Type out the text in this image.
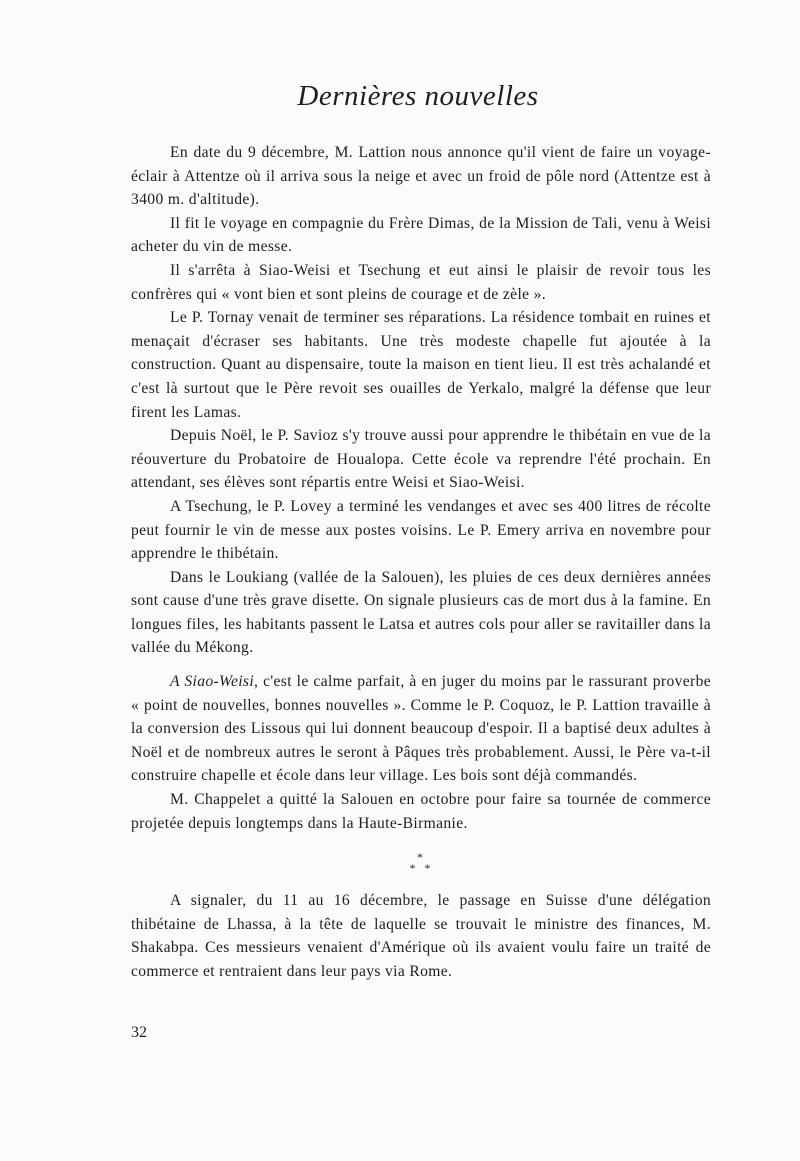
Dernières nouvelles

En date du 9 décembre, M. Lattion nous annonce qu'il vient de faire un voyage-éclair à Attentze où il arriva sous la neige et avec un froid de pôle nord (Attentze est à 3400 m. d'altitude).

Il fit le voyage en compagnie du Frère Dimas, de la Mission de Tali, venu à Weisi acheter du vin de messe.

Il s'arrêta à Siao-Weisi et Tsechung et eut ainsi le plaisir de revoir tous les confrères qui « vont bien et sont pleins de courage et de zèle ».

Le P. Tornay venait de terminer ses réparations. La résidence tombait en ruines et menaçait d'écraser ses habitants. Une très modeste chapelle fut ajoutée à la construction. Quant au dispensaire, toute la maison en tient lieu. Il est très achalandé et c'est là surtout que le Père revoit ses ouailles de Yerkalo, malgré la défense que leur firent les Lamas.

Depuis Noël, le P. Savioz s'y trouve aussi pour apprendre le thibétain en vue de la réouverture du Probatoire de Houalopa. Cette école va reprendre l'été prochain. En attendant, ses élèves sont répartis entre Weisi et Siao-Weisi.

A Tsechung, le P. Lovey a terminé les vendanges et avec ses 400 litres de récolte peut fournir le vin de messe aux postes voisins. Le P. Emery arriva en novembre pour apprendre le thibétain.

Dans le Loukiang (vallée de la Salouen), les pluies de ces deux dernières années sont cause d'une très grave disette. On signale plusieurs cas de mort dus à la famine. En longues files, les habitants passent le Latsa et autres cols pour aller se ravitailler dans la vallée du Mékong.

A Siao-Weisi, c'est le calme parfait, à en juger du moins par le rassurant proverbe « point de nouvelles, bonnes nouvelles ». Comme le P. Coquoz, le P. Lattion travaille à la conversion des Lissous qui lui donnent beaucoup d'espoir. Il a baptisé deux adultes à Noël et de nombreux autres le seront à Pâques très probablement. Aussi, le Père va-t-il construire chapelle et école dans leur village. Les bois sont déjà commandés.

M. Chappelet a quitté la Salouen en octobre pour faire sa tournée de commerce projetée depuis longtemps dans la Haute-Birmanie.

*
*   *

A signaler, du 11 au 16 décembre, le passage en Suisse d'une délégation thibétaine de Lhassa, à la tête de laquelle se trouvait le ministre des finances, M. Shakabpa. Ces messieurs venaient d'Amérique où ils avaient voulu faire un traité de commerce et rentraient dans leur pays via Rome.

32
